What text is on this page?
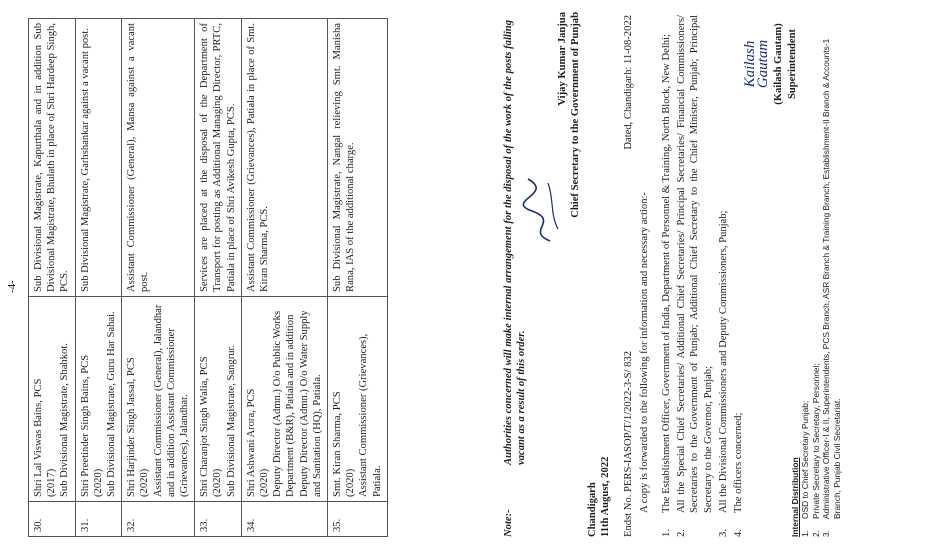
-4-
30.	Shri Lal Viswas Bains, PCS (2017) Sub Divisional Magistrate, Shahkot.	Sub Divisional Magistrate, Kapurthala and in addition Sub Divisional Magistrate, Bhulath in place of Shri Hardeep Singh, PCS.
31.	Shri Preetinder Singh Bains, PCS (2020) Sub Divisional Magistrate, Guru Har Sahai.	Sub Divisional Magistrate, Garhshankar against a vacant post.
32.	Shri Harjinder Singh Jassal, PCS (2020) Assistant Commissioner (General), Jalandhar and in addition Assistant Commissioner (Grievances), Jalandhar.	Assistant Commissioner (General), Mansa against a vacant post.
33.	Shri Charanjot Singh Walia, PCS (2020) Sub Divisional Magistrate, Sangrur.	Services are placed at the disposal of the Department of Transport for posting as Additional Managing Director, PRTC, Patiala in place of Shri Avikesh Gupta, PCS.
34.	Shri Ashwani Arora, PCS (2020) Deputy Director (Admn.) O/o Public Works Department (B&R), Patiala and in addition Deputy Director (Admn.) O/o Water Supply and Sanitation (HQ), Patiala.	Assistant Commissioner (Grievances), Patiala in place of Smt. Kiran Sharma, PCS.
35.	Smt. Kiran Sharma, PCS (2020) Assistant Commissioner (Grievances), Patiala.	Sub Divisional Magistrate, Nangal relieving Smt. Manisha Rana, IAS of the additional charge.
Note:-
Authorities concerned will make internal arrangement for the disposal of the work of the posts falling vacant as a result of this order.
Vijay Kumar Janjua Chief Secretary to the Government of Punjab
Chandigarh 11th August, 2022 Endst No. PERS-IASOP/T/1/2022-3-S/ 832
Dated, Chandigarh: 11-08-2022
A copy is forwarded to the following for information and necessary action:-
1.
The Establishment Officer, Government of India, Department of Personnel & Training, North Block, New Delhi;
2.
All the Special Chief Secretaries/ Additional Chief Secretaries/ Principal Secretaries/ Financial Commissioners/ Secretaries to the Government of Punjab; Additional Chief Secretary to the Chief Minister, Punjab; Principal Secretary to the Governor, Punjab;
3.
All the Divisional Commissioners and Deputy Commissioners, Punjab;
4.
The officers concerned;
Kailash Gautam (Kailash Gautam) Superintendent
Internal Distribution 1.
OSD to Chief Secretary Punjab;
2.
Private Secretary to Secretary, Personnel;
3.
Administrative Officer-I & II, Superintendents, PCS Branch, ASR Branch & Training Branch, Establishment-II Branch & Accounts-1 Branch, Punjab Civil Secretariat.
